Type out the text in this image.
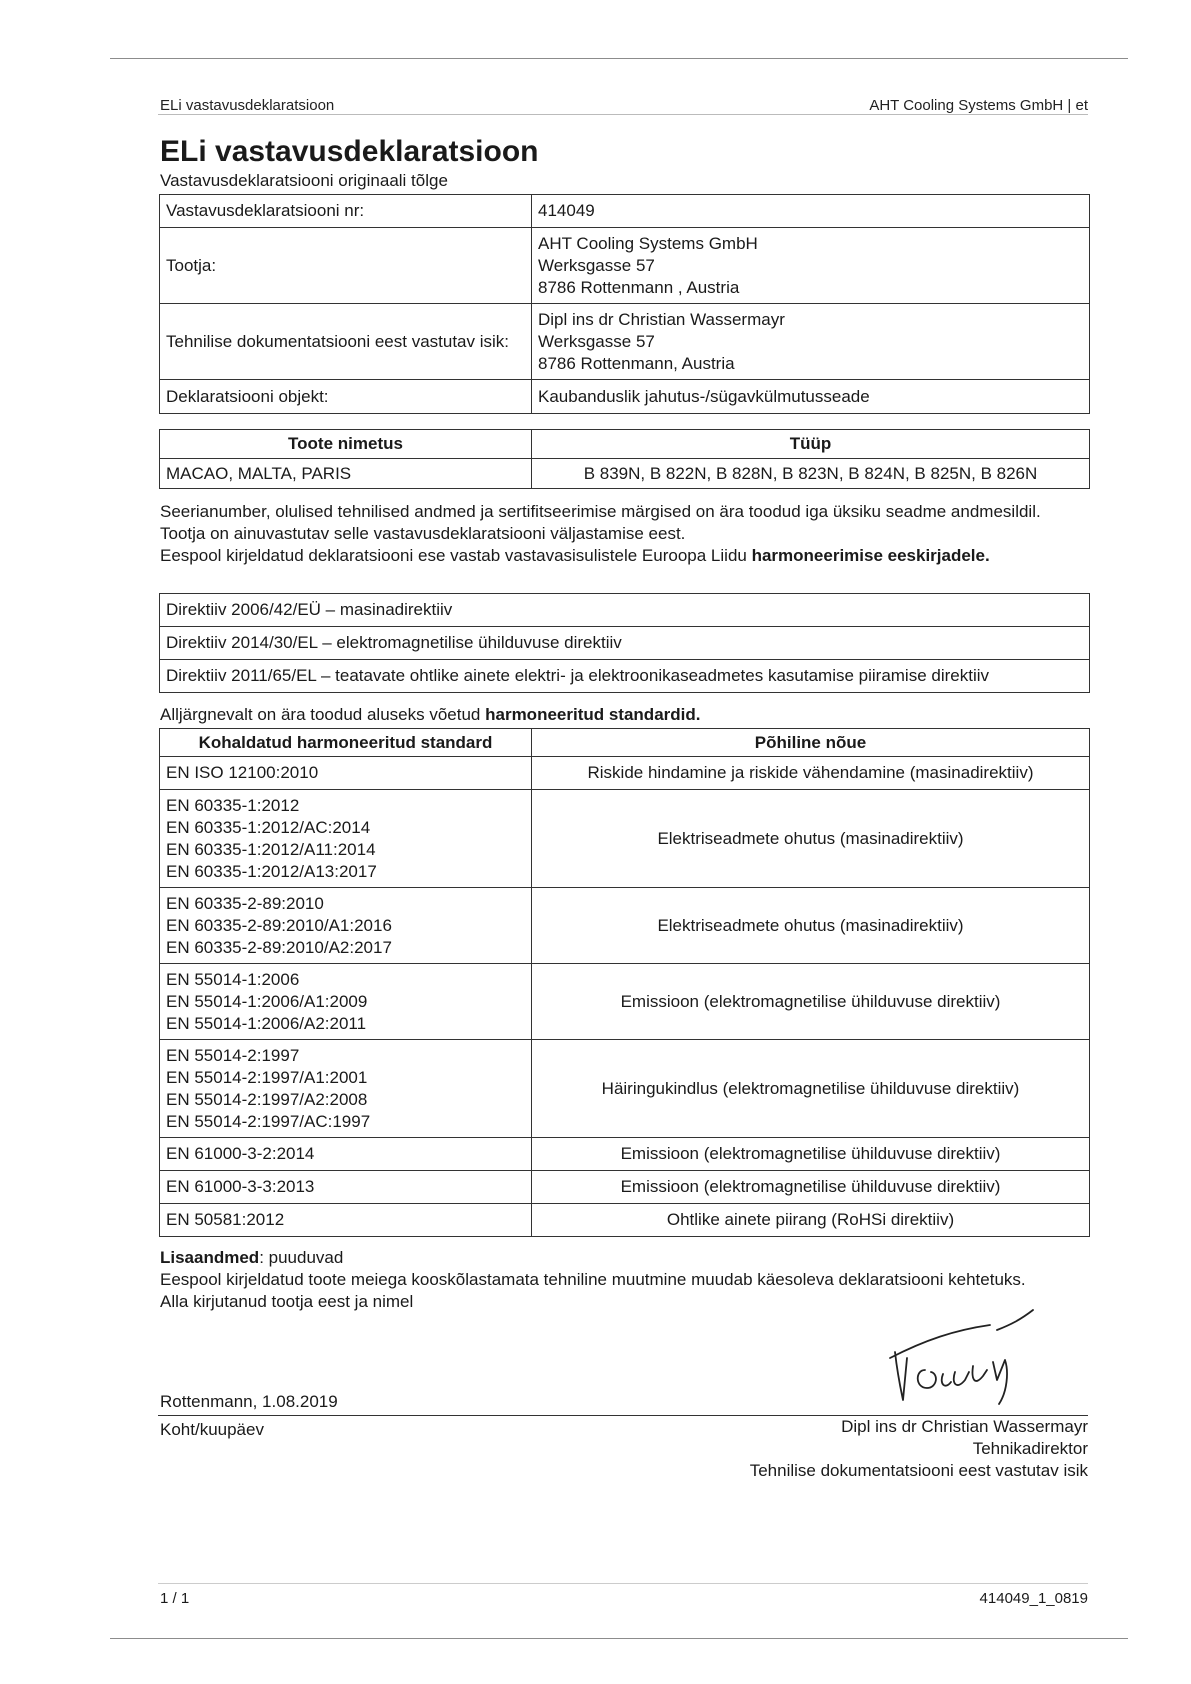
ELi vastavusdeklaratsioon	AHT Cooling Systems GmbH | et
ELi vastavusdeklaratsioon
Vastavusdeklaratsiooni originaali tõlge
Vastavusdeklaratsiooni nr:	414049
Tootja:	AHT Cooling Systems GmbH
Werksgasse 57
8786 Rottenmann , Austria

Tehnilise dokumentatsiooni eest vastutav isik:	Dipl ins dr Christian Wassermayr
Werksgasse 57
8786 Rottenmann, Austria

Deklaratsiooni objekt:	Kaubanduslik jahutus-/sügavkülmutusseade
Toote nimetus	Tüüp
MACAO, MALTA, PARIS	B 839N, B 822N, B 828N, B 823N, B 824N, B 825N, B 826N

Seerianumber, olulised tehnilised andmed ja sertifitseerimise märgised on ära toodud iga üksiku seadme andmesildil.

Tootja on ainuvastutav selle vastavusdeklaratsiooni väljastamise eest.

Eespool kirjeldatud deklaratsiooni ese vastab vastavasisulistele Euroopa Liidu harmoneerimise eeskirjadele.

Direktiiv 2006/42/EÜ – masinadirektiiv
Direktiiv 2014/30/EL – elektromagnetilise ühilduvuse direktiiv
Direktiiv 2011/65/EL – teatavate ohtlike ainete elektri- ja elektroonikaseadmetes kasutamise piiramise direktiiv

Alljärgnevalt on ära toodud aluseks võetud harmoneeritud standardid.

Kohaldatud harmoneeritud standard	Põhiline nõue

EN ISO 12100:2010	Riskide hindamine ja riskide vähendamine (masinadirektiiv)

EN 60335-1:2012
EN 60335-1:2012/AC:2014
EN 60335-1:2012/A11:2014
EN 60335-1:2012/A13:2017	Elektriseadmete ohutus (masinadirektiiv)

EN 60335-2-89:2010
EN 60335-2-89:2010/A1:2016
EN 60335-2-89:2010/A2:2017	Elektriseadmete ohutus (masinadirektiiv)

EN 55014-1:2006
EN 55014-1:2006/A1:2009
EN 55014-1:2006/A2:2011	Emissioon (elektromagnetilise ühilduvuse direktiiv)

EN 55014-2:1997
EN 55014-2:1997/A1:2001
EN 55014-2:1997/A2:2008
EN 55014-2:1997/AC:1997	Häiringukindlus (elektromagnetilise ühilduvuse direktiiv)

EN 61000-3-2:2014	Emissioon (elektromagnetilise ühilduvuse direktiiv)

EN 61000-3-3:2013	Emissioon (elektromagnetilise ühilduvuse direktiiv)

EN 50581:2012	Ohtlike ainete piirang (RoHSi direktiiv)

Lisaandmed: puuduvad

Eespool kirjeldatud toote meiega kooskõlastamata tehniline muutmine muudab käesoleva deklaratsiooni kehtetuks.

Alla kirjutanud tootja eest ja nimel

Rottenmann, 1.08.2019
Koht/kuupäev	Dipl ins dr Christian Wassermayr
Tehnikadirektor
Tehnilise dokumentatsiooni eest vastutav isik
1 / 1	414049_1_0819
